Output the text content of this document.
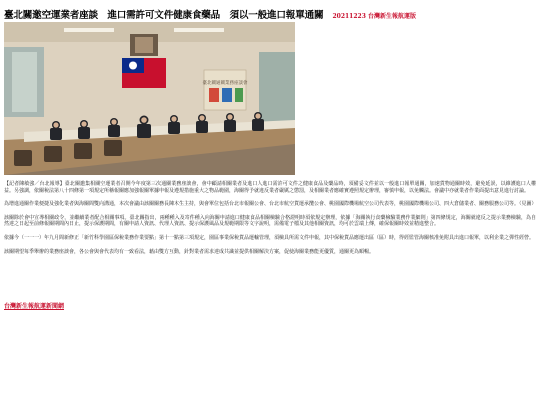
臺北關邀空運業者座談　進口需許可文件健康食藥品　須以一般進口報單通關 20211223 台灣新生報航運版
臺北關通關業務座談會

【記者陳敏強／台北報導】臺北關邀集相關空運業者召開今年度第三次通關業務座談會，會中顧請相關業者及進口人進口需許可文件之健康食品及藥品時，須備妥文件並以一般進口報單通關，加速貨物通關時效，避免延誤，以維護進口人權益。另強調，依關稅法第八十四條第一項規定所稱報關應加強報關單據申報及遵規措施重大之物品範圍，海關得予就違反業者嚴厲之懲罰，及相關業者應確實遵照規定辦理，審慎申報，以免觸法。會議中亦就業者作業面提出意見進行討論。

為增進通關作業便捷及強化業者與海關間雙向溝通，本次會議由該關關務長陳木生主持，與會單位包括台北市報關公會、台北市航空貨運承攬公會、桃園國際機場航空公司代表等，桃園國際機場公司、四大倉儲業者、關務服務公司等。（見圖）

該關除於會中宣導相關政令，並繼續業者配合相關事項。臺北關指出，兩種種入及寄件種入向海關申請進口健康食品相關檢驗合格證明時須依規定辦理，依據「海關執行食藥檢驗業務作業細則」第四條規定，海關就違反之提示業務檢驗，為自然達之日起至前條報關期間內日止，提示保護期間，有關申請人資訊、代理人資訊、提示保護風品及規範期限等文字說明，需備電子檔及其他相關資訊，均可於雲端上傳，確保報關時效並精進整合。

依據今（一一一）年九月間新修正「新竹科學園區保稅業務作業要點」第十一點第三項規定，園區事業保稅貨品運輸管理，須檢具所需文件申報，其中保稅貨品應運出區（區）時，得經監管海關核准免附具出進口報單，以利企業之彈性經營。

該關期望每季舉辦的業務座談會，各公會與會代表均有一致看法，藉由雙方互動，針對業者需求達成共識並提供相關解決方案，促使海關業務能更優質，通關更為順暢。

台灣新生報航運新聞網
